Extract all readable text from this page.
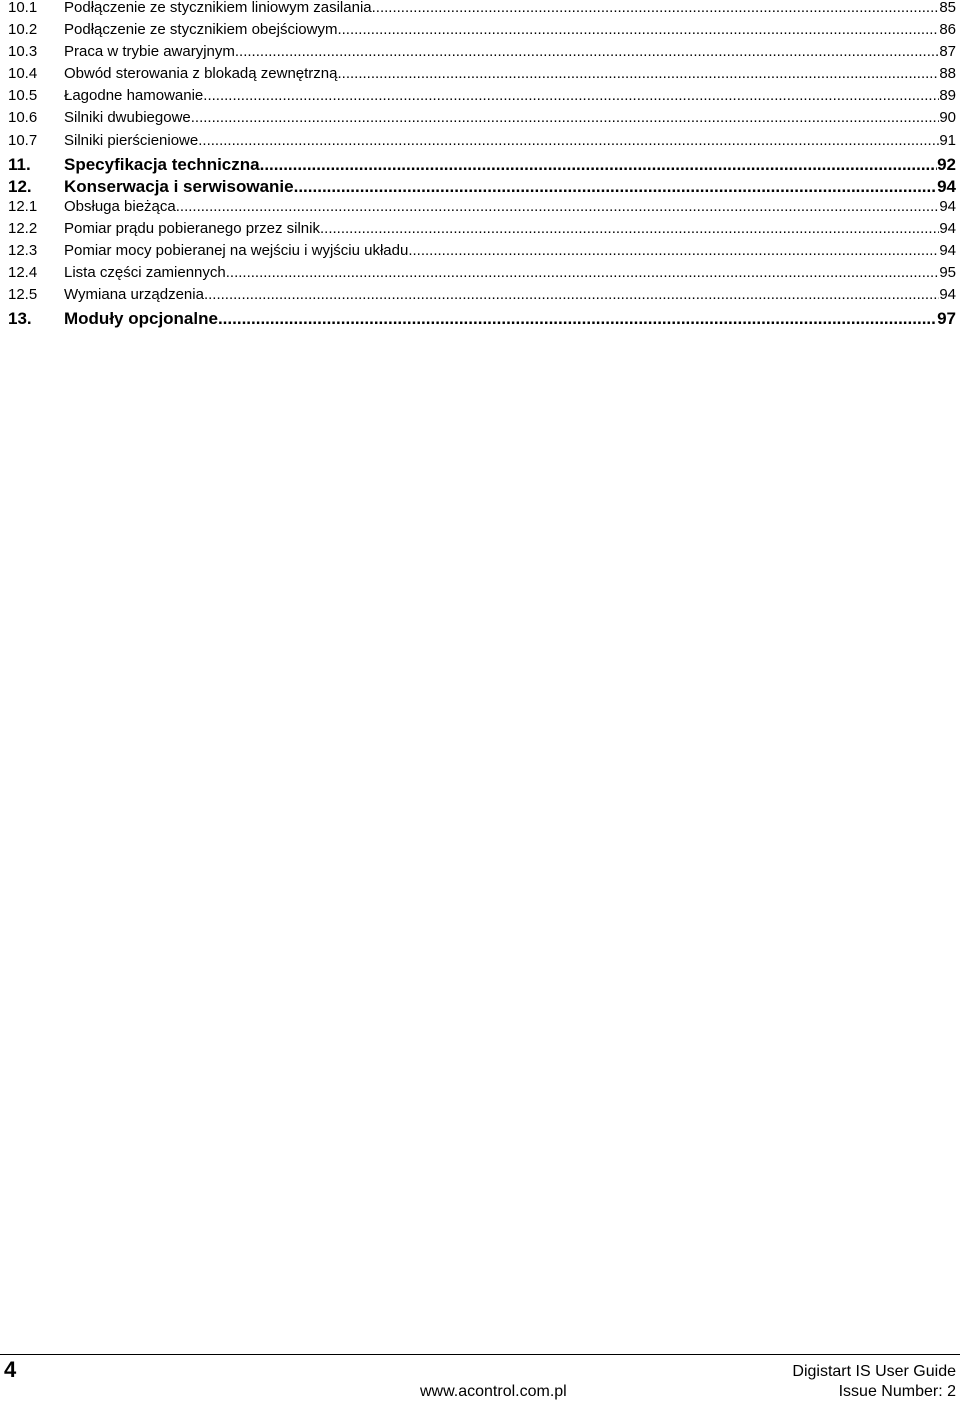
10.1	Podłączenie ze stycznikiem liniowym zasilania .....	85
10.2	Podłączenie ze stycznikiem obejściowym .....	86
10.3	Praca w trybie awaryjnym .....	87
10.4	Obwód sterowania z blokadą zewnętrzną .....	88
10.5	Łagodne hamowanie .....	89
10.6	Silniki dwubiegowe .....	90
10.7	Silniki pierścieniowe .....	91
11.	Specyfikacja techniczna .....	92
12.	Konserwacja i serwisowanie .....	94
12.1	Obsługa bieżąca .....	94
12.2	Pomiar prądu pobieranego przez silnik .....	94
12.3	Pomiar mocy pobieranej na wejściu i wyjściu układu .....	94
12.4	Lista części zamiennych .....	95
12.5	Wymiana urządzenia .....	94
13.	Moduły opcjonalne .....	97
4
www.acontrol.com.pl
Digistart IS User Guide
Issue Number: 2
